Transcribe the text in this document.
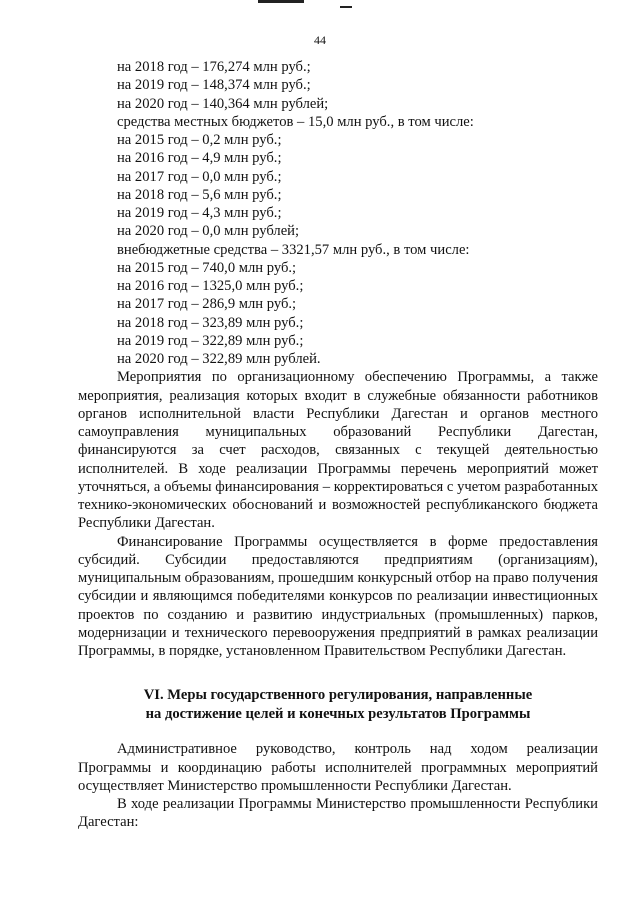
44

на 2018 год – 176,274 млн руб.;

на 2019 год – 148,374 млн руб.;

на 2020 год – 140,364 млн рублей;

средства местных бюджетов – 15,0 млн руб., в том числе:

на 2015 год – 0,2 млн руб.;

на 2016 год – 4,9 млн руб.;

на 2017 год – 0,0 млн руб.;

на 2018 год – 5,6 млн руб.;

на 2019 год – 4,3 млн руб.;

на 2020 год – 0,0 млн рублей;

внебюджетные средства – 3321,57 млн руб., в том числе:

на 2015 год – 740,0 млн руб.;

на 2016 год – 1325,0 млн руб.;

на 2017 год – 286,9 млн руб.;

на 2018 год – 323,89 млн руб.;

на 2019 год – 322,89 млн руб.;

на 2020 год – 322,89 млн рублей.

Мероприятия по организационному обеспечению Программы, а также мероприятия, реализация которых входит в служебные обязанности работников органов исполнительной власти Республики Дагестан и органов местного самоуправления муниципальных образований Республики Дагестан, финансируются за счет расходов, связанных с текущей деятельностью исполнителей. В ходе реализации Программы перечень мероприятий может уточняться, а объемы финансирования – корректироваться с учетом разработанных технико-экономических обоснований и возможностей республиканского бюджета Республики Дагестан.

Финансирование Программы осуществляется в форме предоставления субсидий. Субсидии предоставляются предприятиям (организациям), муниципальным образованиям, прошедшим конкурсный отбор на право получения субсидии и являющимся победителями конкурсов по реализации инвестиционных проектов по созданию и развитию индустриальных (промышленных) парков, модернизации и технического перевооружения предприятий в рамках реализации Программы, в порядке, установленном Правительством Республики Дагестан.

VI. Меры государственного регулирования, направленные
на достижение целей и конечных результатов Программы

Административное руководство, контроль над ходом реализации Программы и координацию работы исполнителей программных мероприятий осуществляет Министерство промышленности Республики Дагестан.

В ходе реализации Программы Министерство промышленности Республики Дагестан:
